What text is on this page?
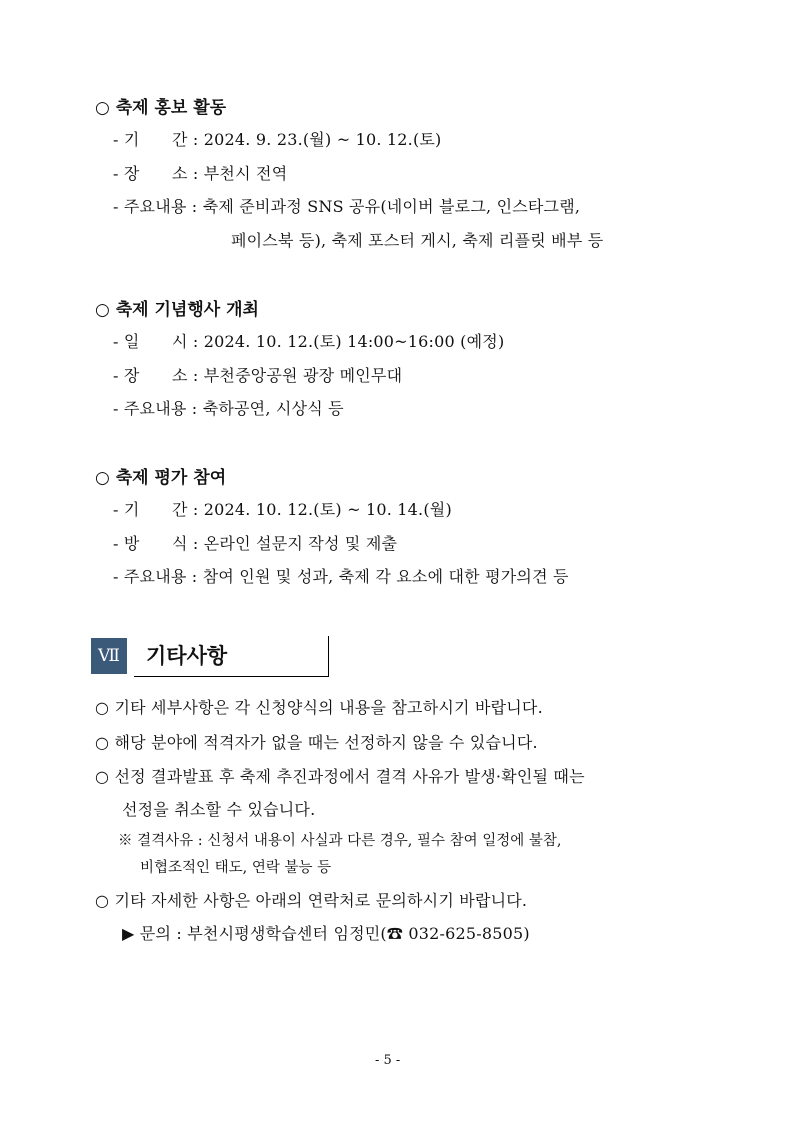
○ 축제 홍보 활동
- 기　　간 : 2024. 9. 23.(월) ~ 10. 12.(토)
- 장　　소 : 부천시 전역
- 주요내용 : 축제 준비과정 SNS 공유(네이버 블로그, 인스타그램,
페이스북 등), 축제 포스터 게시, 축제 리플릿 배부 등
○ 축제 기념행사 개최
- 일　　시 : 2024. 10. 12.(토) 14:00~16:00 (예정)
- 장　　소 : 부천중앙공원 광장 메인무대
- 주요내용 : 축하공연, 시상식 등
○ 축제 평가 참여
- 기　　간 : 2024. 10. 12.(토) ~ 10. 14.(월)
- 방　　식 : 온라인 설문지 작성 및 제출
- 주요내용 : 참여 인원 및 성과, 축제 각 요소에 대한 평가의견 등
Ⅶ	기타사항
○ 기타 세부사항은 각 신청양식의 내용을 참고하시기 바랍니다.
○ 해당 분야에 적격자가 없을 때는 선정하지 않을 수 있습니다.
○ 선정 결과발표 후 축제 추진과정에서 결격 사유가 발생·확인될 때는
선정을 취소할 수 있습니다.
※ 결격사유 : 신청서 내용이 사실과 다른 경우, 필수 참여 일정에 불참,
비협조적인 태도, 연락 불능 등
○ 기타 자세한 사항은 아래의 연락처로 문의하시기 바랍니다.
▶ 문의 : 부천시평생학습센터 임정민(☎ 032-625-8505)
- 5 -
